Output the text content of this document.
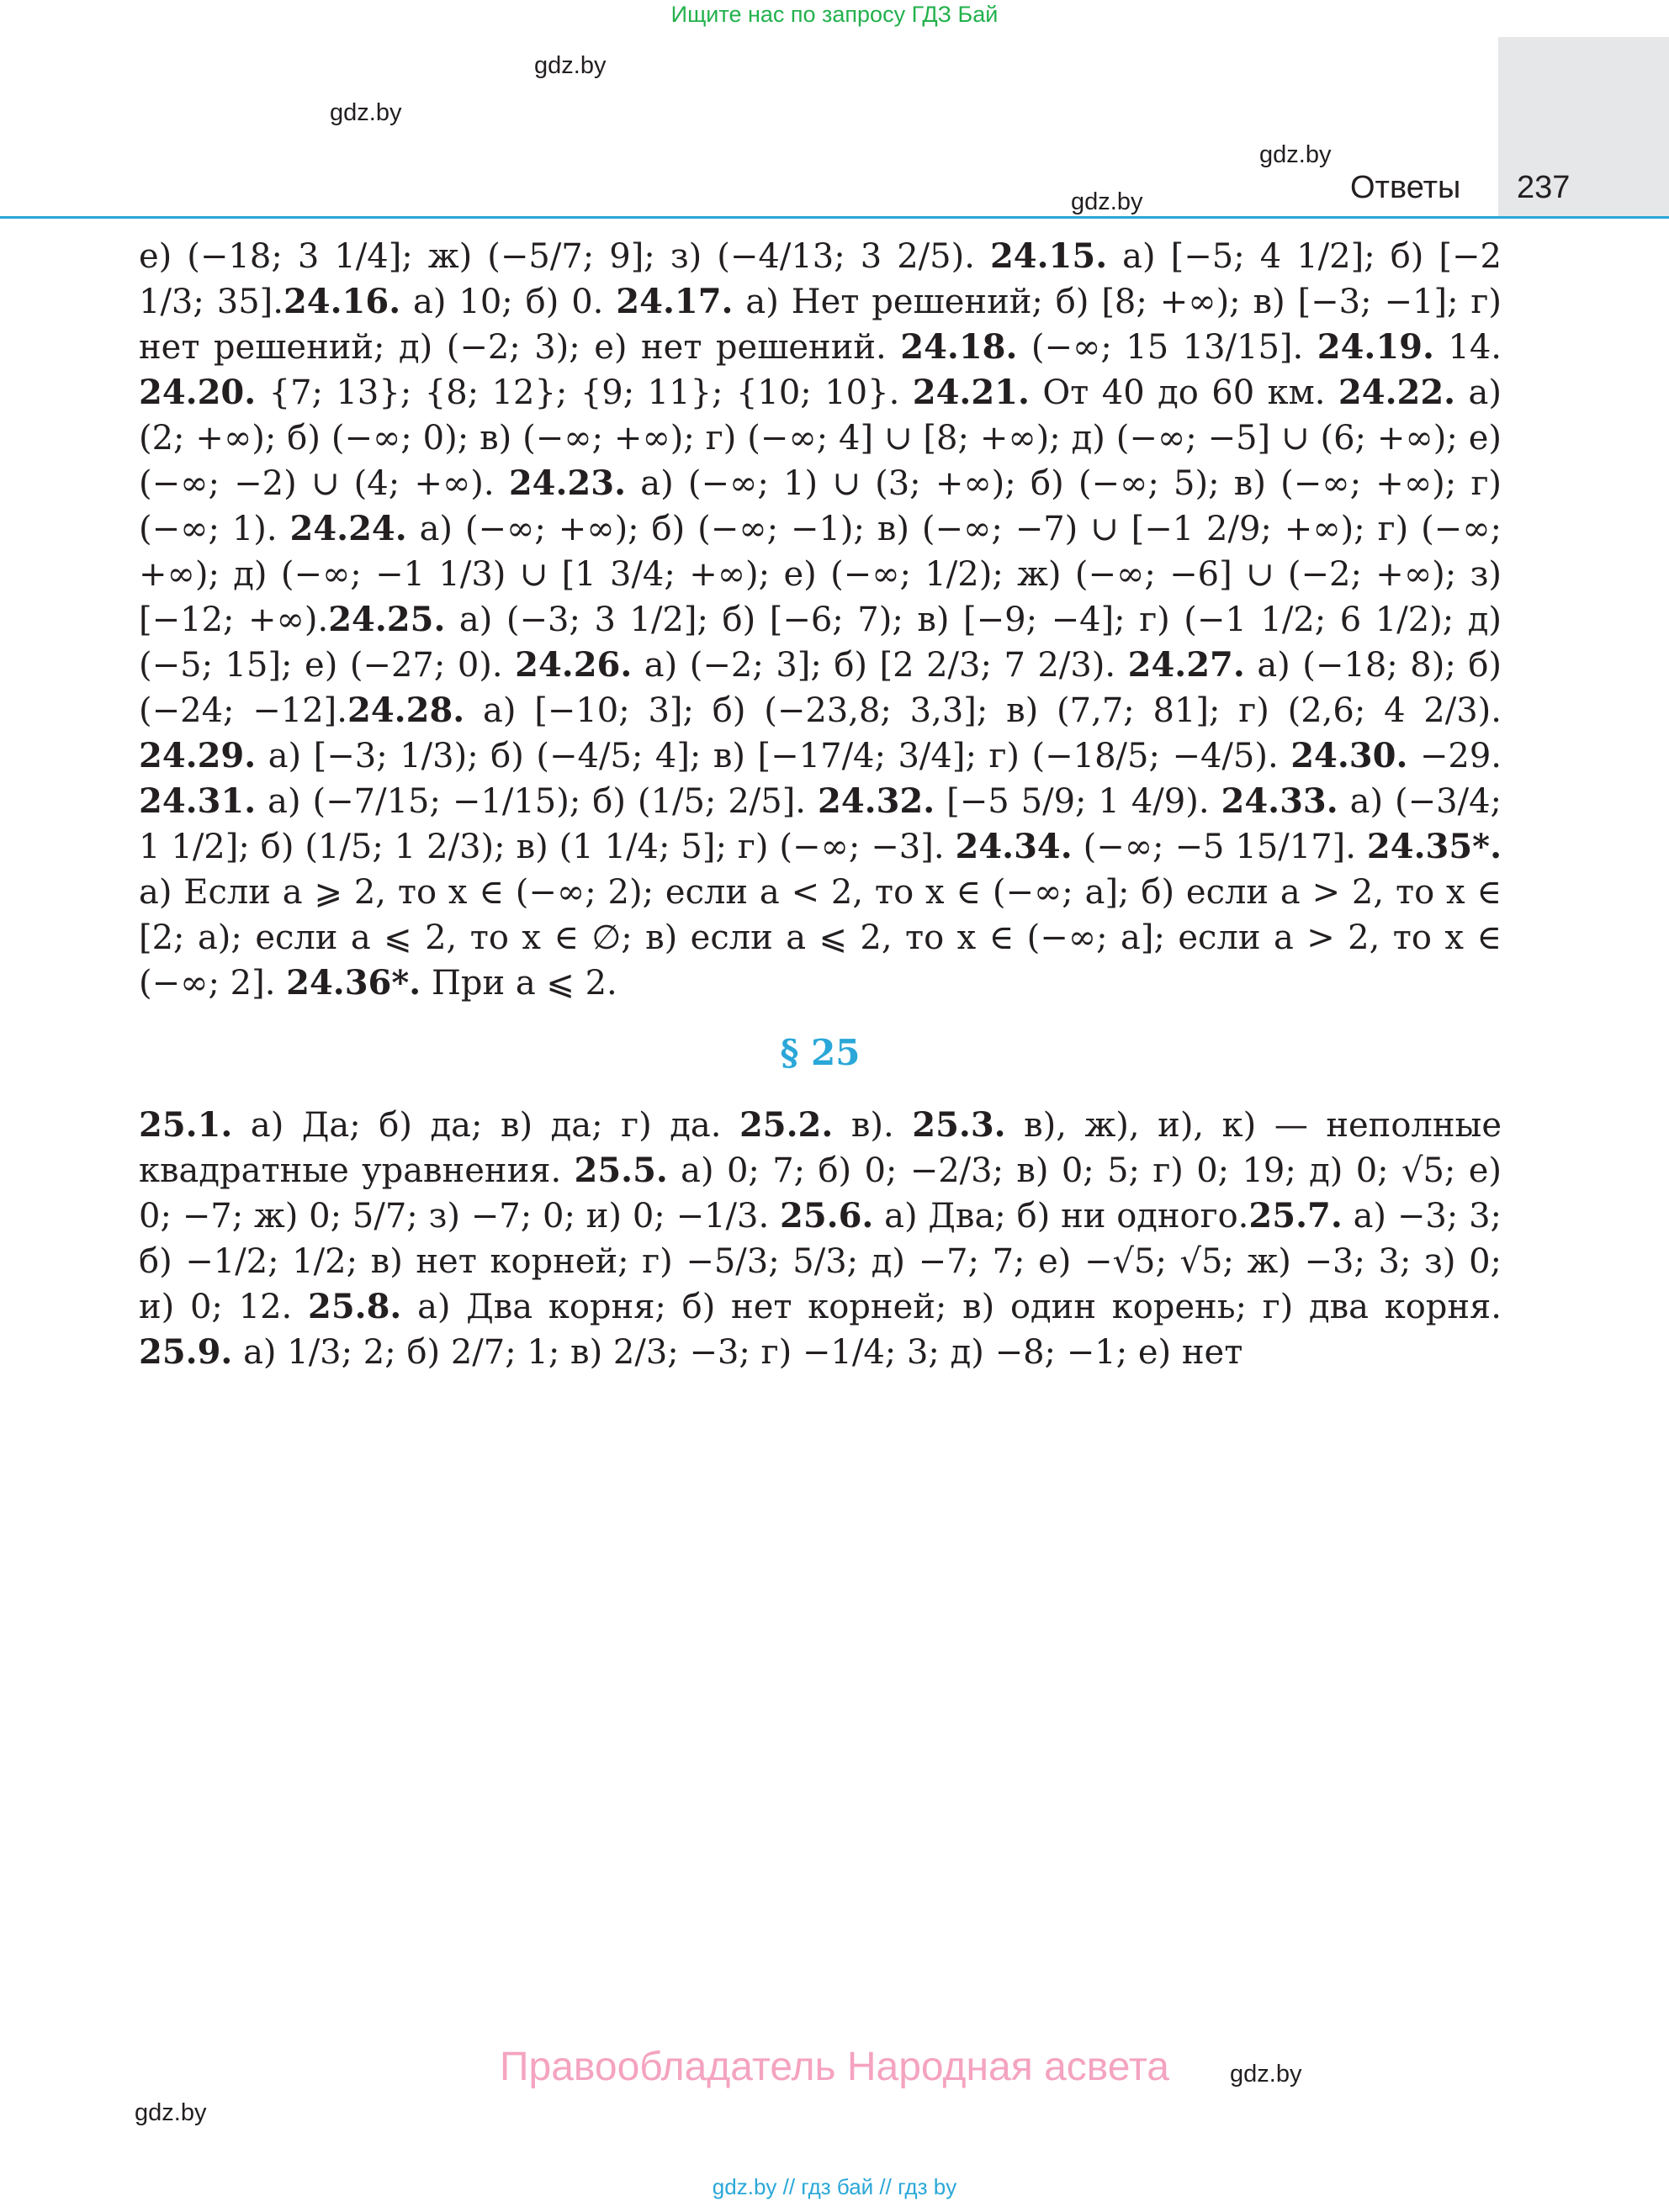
Ищите нас по запросу ГДЗ Бай
Ответы 237
gdz.by
gdz.by
gdz.by
gdz.by

е) (−18; 3 1/4]; ж) (−5/7; 9]; з) (−4/13; 3 2/5). 24.15. а) [−5; 4 1/2]; б) [−2 1/3; 35].24.16. а) 10; б) 0. 24.17. а) Нет решений; б) [8; +∞); в) [−3; −1]; г) нет решений; д) (−2; 3); е) нет решений. 24.18. (−∞; 15 13/15]. 24.19. 14. 24.20. {7; 13}; {8; 12}; {9; 11}; {10; 10}. 24.21. От 40 до 60 км. 24.22. а) (2; +∞); б) (−∞; 0); в) (−∞; +∞); г) (−∞; 4] ∪ [8; +∞); д) (−∞; −5] ∪ (6; +∞); е) (−∞; −2) ∪ (4; +∞). 24.23. а) (−∞; 1) ∪ (3; +∞); б) (−∞; 5); в) (−∞; +∞); г) (−∞; 1). 24.24. а) (−∞; +∞); б) (−∞; −1); в) (−∞; −7) ∪ [−1 2/9; +∞); г) (−∞; +∞); д) (−∞; −1 1/3) ∪ [1 3/4; +∞); е) (−∞; 1/2); ж) (−∞; −6] ∪ (−2; +∞); з) [−12; +∞).24.25. а) (−3; 3 1/2]; б) [−6; 7); в) [−9; −4]; г) (−1 1/2; 6 1/2); д) (−5; 15]; е) (−27; 0). 24.26. а) (−2; 3]; б) [2 2/3; 7 2/3). 24.27. а) (−18; 8); б) (−24; −12].24.28. а) [−10; 3]; б) (−23,8; 3,3]; в) (7,7; 81]; г) (2,6; 4 2/3). 24.29. а) [−3; 1/3); б) (−4/5; 4]; в) [−17/4; 3/4]; г) (−18/5; −4/5). 24.30. −29. 24.31. а) (−7/15; −1/15); б) (1/5; 2/5]. 24.32. [−5 5/9; 1 4/9). 24.33. а) (−3/4; 1 1/2]; б) (1/5; 1 2/3); в) (1 1/4; 5]; г) (−∞; −3]. 24.34. (−∞; −5 15/17]. 24.35*. а) Если a ⩾ 2, то x ∈ (−∞; 2); если a < 2, то x ∈ (−∞; a]; б) если a > 2, то x ∈ [2; a); если a ⩽ 2, то x ∈ ∅; в) если a ⩽ 2, то x ∈ (−∞; a]; если a > 2, то x ∈ (−∞; 2]. 24.36*. При a ⩽ 2.

§ 25

25.1. а) Да; б) да; в) да; г) да. 25.2. в). 25.3. в), ж), и), к) — неполные квадратные уравнения. 25.5. а) 0; 7; б) 0; −2/3; в) 0; 5; г) 0; 19; д) 0; √5; е) 0; −7; ж) 0; 5/7; з) −7; 0; и) 0; −1/3. 25.6. а) Два; б) ни одного.25.7. а) −3; 3; б) −1/2; 1/2; в) нет корней; г) −5/3; 5/3; д) −7; 7; е) −√5; √5; ж) −3; 3; з) 0; и) 0; 12. 25.8. а) Два корня; б) нет корней; в) один корень; г) два корня. 25.9. а) 1/3; 2; б) 2/7; 1; в) 2/3; −3; г) −1/4; 3; д) −8; −1; е) нет

Правообладатель Народная асвета	gdz.by
gdz.by
gdz.by // гдз бай // гдз by
